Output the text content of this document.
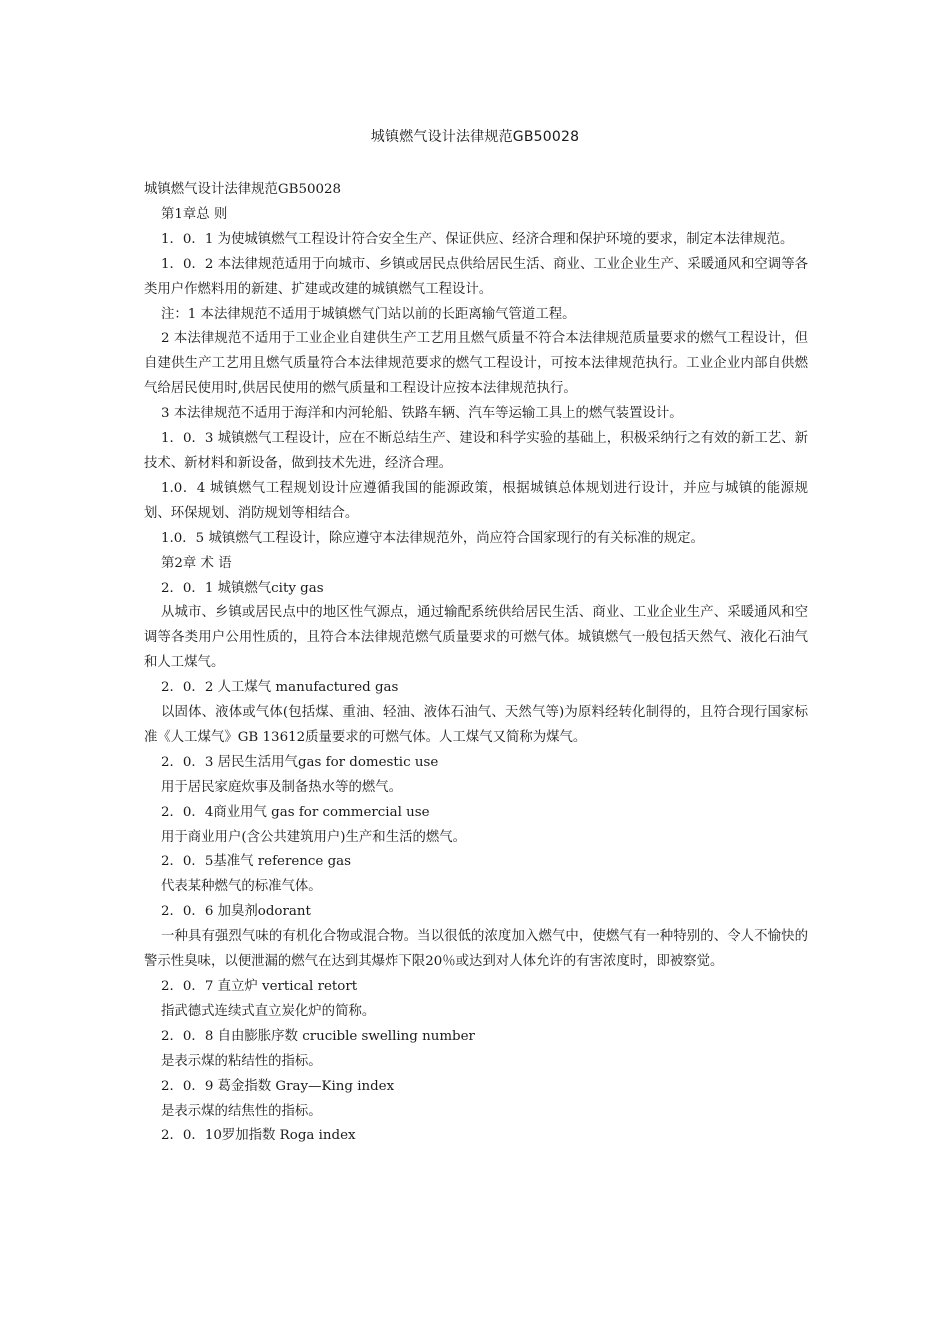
城镇燃气设计法律规范GB50028

城镇燃气设计法律规范GB50028

第1章总 则

1．0．1 为使城镇燃气工程设计符合安全生产、保证供应、经济合理和保护环境的要求，制定本法律规范。

1．0．2 本法律规范适用于向城市、乡镇或居民点供给居民生活、商业、工业企业生产、采暖通风和空调等各类用户作燃料用的新建、扩建或改建的城镇燃气工程设计。

注：1 本法律规范不适用于城镇燃气门站以前的长距离输气管道工程。

2 本法律规范不适用于工业企业自建供生产工艺用且燃气质量不符合本法律规范质量要求的燃气工程设计，但自建供生产工艺用且燃气质量符合本法律规范要求的燃气工程设计，可按本法律规范执行。工业企业内部自供燃气给居民使用时,供居民使用的燃气质量和工程设计应按本法律规范执行。

3 本法律规范不适用于海洋和内河轮船、铁路车辆、汽车等运输工具上的燃气装置设计。

1．0．3 城镇燃气工程设计，应在不断总结生产、建设和科学实验的基础上，积极采纳行之有效的新工艺、新技术、新材料和新设备，做到技术先进，经济合理。

1.0．4 城镇燃气工程规划设计应遵循我国的能源政策，根据城镇总体规划进行设计，并应与城镇的能源规划、环保规划、消防规划等相结合。

1.0．5 城镇燃气工程设计，除应遵守本法律规范外，尚应符合国家现行的有关标准的规定。

第2章 术 语

2．0．1 城镇燃气city gas

从城市、乡镇或居民点中的地区性气源点，通过输配系统供给居民生活、商业、工业企业生产、采暖通风和空调等各类用户公用性质的，且符合本法律规范燃气质量要求的可燃气体。城镇燃气一般包括天然气、液化石油气和人工煤气。

2．0．2 人工煤气 manufactured gas

以固体、液体或气体(包括煤、重油、轻油、液体石油气、天然气等)为原料经转化制得的，且符合现行国家标准《人工煤气》GB 13612质量要求的可燃气体。人工煤气又简称为煤气。

2．0．3 居民生活用气gas for domestic use

用于居民家庭炊事及制备热水等的燃气。

2．0．4商业用气 gas for commercial use

用于商业用户(含公共建筑用户)生产和生活的燃气。

2．0．5基准气 reference gas

代表某种燃气的标准气体。

2．0．6 加臭剂odorant

一种具有强烈气味的有机化合物或混合物。当以很低的浓度加入燃气中，使燃气有一种特别的、令人不愉快的警示性臭味，以便泄漏的燃气在达到其爆炸下限20％或达到对人体允许的有害浓度时，即被察觉。

2．0．7 直立炉 vertical retort

指武德式连续式直立炭化炉的简称。

2．0．8 自由膨胀序数 crucible swelling number

是表示煤的粘结性的指标。

2．0．9 葛金指数 Gray—King index

是表示煤的结焦性的指标。

2．0．10罗加指数 Roga index
